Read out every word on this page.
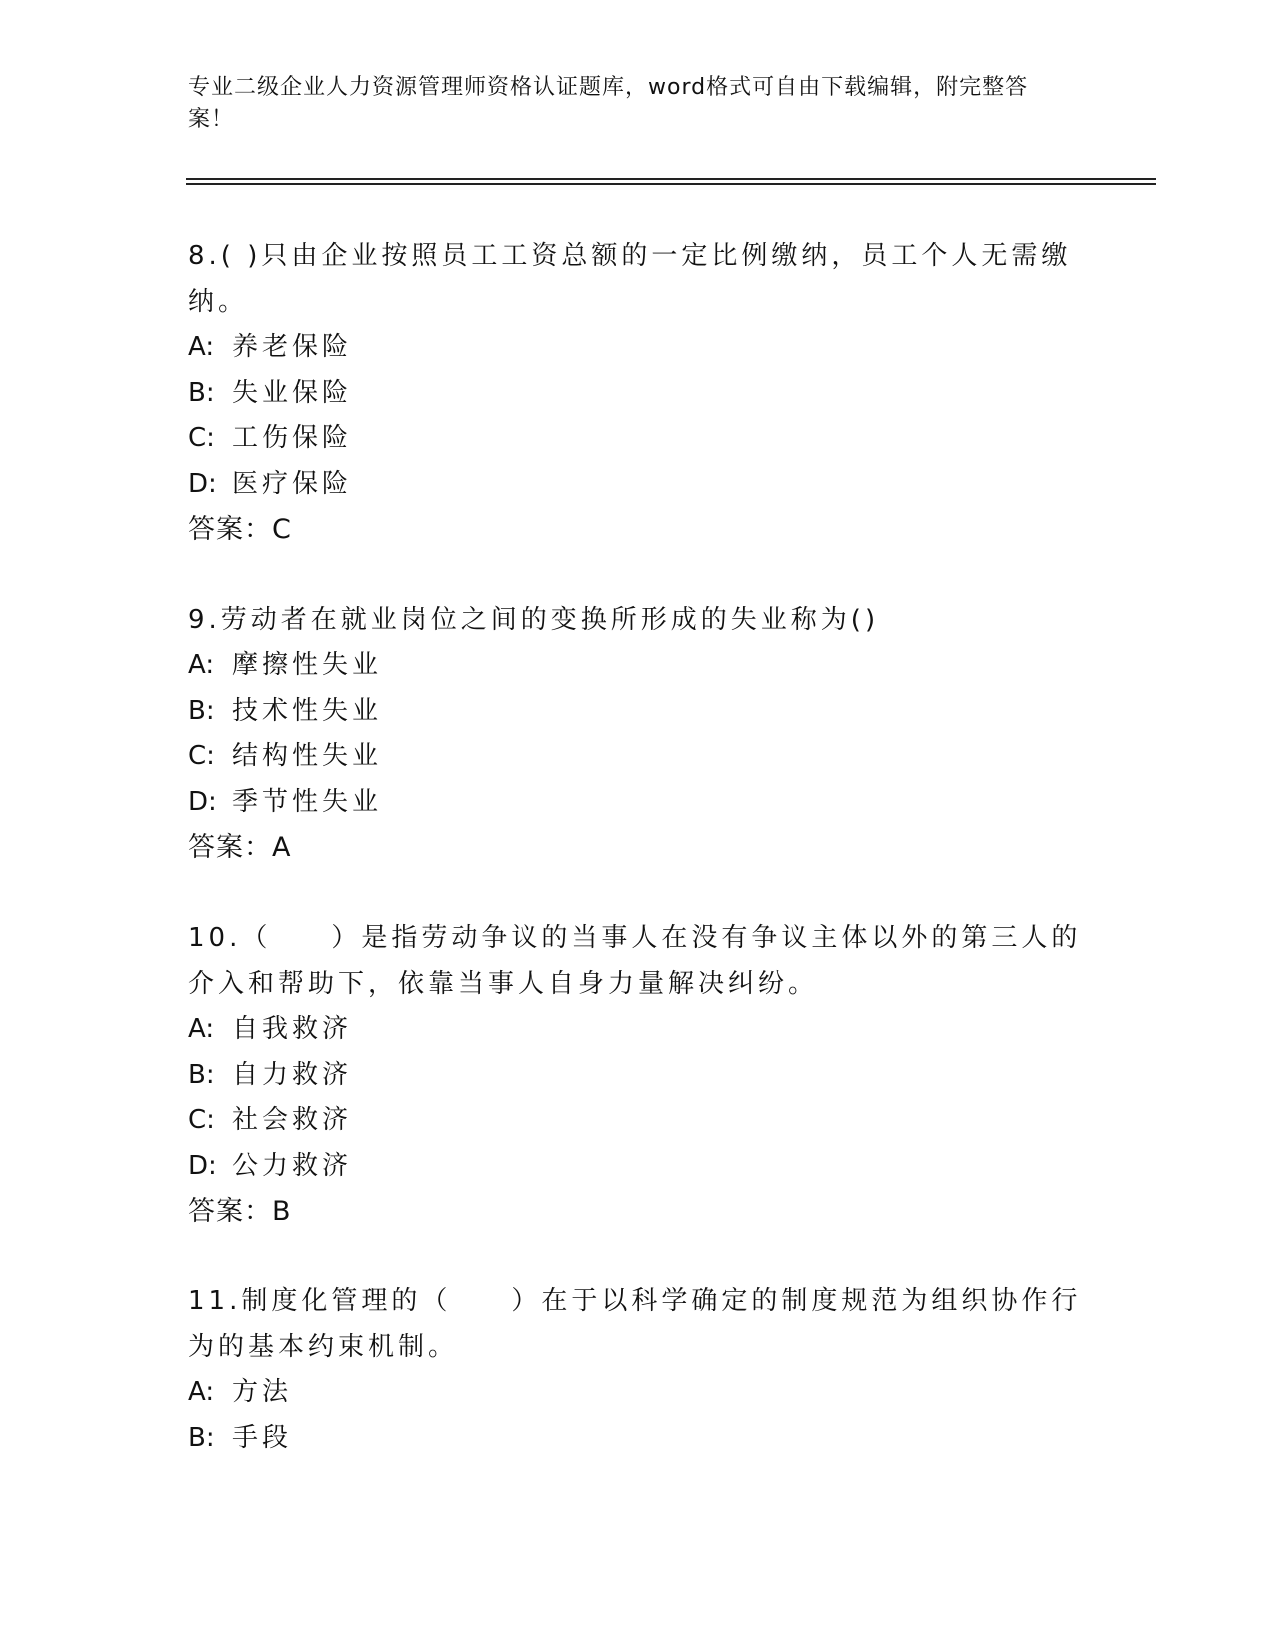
专业二级企业人力资源管理师资格认证题库，word格式可自由下载编辑，附完整答案！

8.( )只由企业按照员工工资总额的一定比例缴纳，员工个人无需缴纳。

A: 养老保险

B: 失业保险

C: 工伤保险

D: 医疗保险

答案：C

9.劳动者在就业岗位之间的变换所形成的失业称为()

A: 摩擦性失业

B: 技术性失业

C: 结构性失业

D: 季节性失业

答案：A

10.（　　）是指劳动争议的当事人在没有争议主体以外的第三人的介入和帮助下，依靠当事人自身力量解决纠纷。

A: 自我救济

B: 自力救济

C: 社会救济

D: 公力救济

答案：B

11.制度化管理的（　　）在于以科学确定的制度规范为组织协作行为的基本约束机制。

A: 方法

B: 手段
